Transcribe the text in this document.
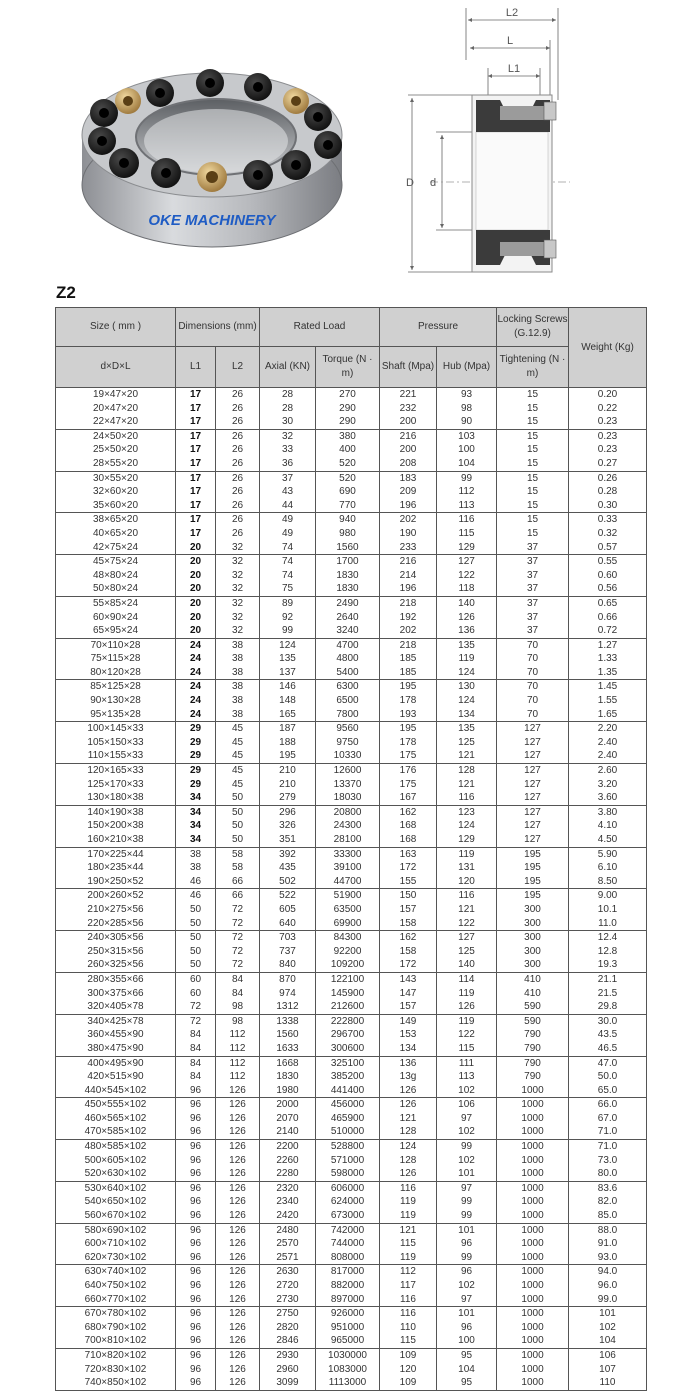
OKE MACHINERY
L2
L
L1
D d
Z2
Size ( mm )	Dimensions (mm)		Rated Load		Pressure		Locking Screws (G.12.9)	Weight (Kg)
d×D×L	L1	L2	Axial (KN)	Torque (N · m)	Shaft (Mpa)	Hub (Mpa)	Tightening (N · m)	
19×47×20	17	26	28	270	221	93	15	0.20
20×47×20	17	26	28	290	232	98	15	0.22
22×47×20	17	26	30	290	200	90	15	0.23
24×50×20	17	26	32	380	216	103	15	0.23
25×50×20	17	26	33	400	200	100	15	0.23
28×55×20	17	26	36	520	208	104	15	0.27
30×55×20	17	26	37	520	183	99	15	0.26
32×60×20	17	26	43	690	209	112	15	0.28
35×60×20	17	26	44	770	196	113	15	0.30
38×65×20	17	26	49	940	202	116	15	0.33
40×65×20	17	26	49	980	190	115	15	0.32
42×75×24	20	32	74	1560	233	129	37	0.57
45×75×24	20	32	74	1700	216	127	37	0.55
48×80×24	20	32	74	1830	214	122	37	0.60
50×80×24	20	32	75	1830	196	118	37	0.56
55×85×24	20	32	89	2490	218	140	37	0.65
60×90×24	20	32	92	2640	192	126	37	0.66
65×95×24	20	32	99	3240	202	136	37	0.72
70×110×28	24	38	124	4700	218	135	70	1.27
75×115×28	24	38	135	4800	185	119	70	1.33
80×120×28	24	38	137	5400	185	124	70	1.35
85×125×28	24	38	146	6300	195	130	70	1.45
90×130×28	24	38	148	6500	178	124	70	1.55
95×135×28	24	38	165	7800	193	134	70	1.65
100×145×33	29	45	187	9560	195	135	127	2.20
105×150×33	29	45	188	9750	178	125	127	2.40
110×155×33	29	45	195	10330	175	121	127	2.40
120×165×33	29	45	210	12600	176	128	127	2.60
125×170×33	29	45	210	13370	175	121	127	3.20
130×180×38	34	50	279	18030	167	116	127	3.60
140×190×38	34	50	296	20800	162	123	127	3.80
150×200×38	34	50	326	24300	168	124	127	4.10
160×210×38	34	50	351	28100	168	129	127	4.50
170×225×44	38	58	392	33300	163	119	195	5.90
180×235×44	38	58	435	39100	172	131	195	6.10
190×250×52	46	66	502	44700	155	120	195	8.50
200×260×52	46	66	522	51900	150	116	195	9.00
210×275×56	50	72	605	63500	157	121	300	10.1
220×285×56	50	72	640	69900	158	122	300	11.0
240×305×56	50	72	703	84300	162	127	300	12.4
250×315×56	50	72	737	92200	158	125	300	12.8
260×325×56	50	72	840	109200	172	140	300	19.3
280×355×66	60	84	870	122100	143	114	410	21.1
300×375×66	60	84	974	145900	147	119	410	21.5
320×405×78	72	98	1312	212600	157	126	590	29.8
340×425×78	72	98	1338	222800	149	119	590	30.0
360×455×90	84	112	1560	296700	153	122	790	43.5
380×475×90	84	112	1633	300600	134	115	790	46.5
400×495×90	84	112	1668	325100	136	111	790	47.0
420×515×90	84	112	1830	385200	13g	113	790	50.0
440×545×102	96	126	1980	441400	126	102	1000	65.0
450×555×102	96	126	2000	456000	126	106	1000	66.0
460×565×102	96	126	2070	465900	121	97	1000	67.0
470×585×102	96	126	2140	510000	128	102	1000	71.0
480×585×102	96	126	2200	528800	124	99	1000	71.0
500×605×102	96	126	2260	571000	128	102	1000	73.0
520×630×102	96	126	2280	598000	126	101	1000	80.0
530×640×102	96	126	2320	606000	116	97	1000	83.6
540×650×102	96	126	2340	624000	119	99	1000	82.0
560×670×102	96	126	2420	673000	119	99	1000	85.0
580×690×102	96	126	2480	742000	121	101	1000	88.0
600×710×102	96	126	2570	744000	115	96	1000	91.0
620×730×102	96	126	2571	808000	119	99	1000	93.0
630×740×102	96	126	2630	817000	112	96	1000	94.0
640×750×102	96	126	2720	882000	117	102	1000	96.0
660×770×102	96	126	2730	897000	116	97	1000	99.0
670×780×102	96	126	2750	926000	116	101	1000	101
680×790×102	96	126	2820	951000	110	96	1000	102
700×810×102	96	126	2846	965000	115	100	1000	104
710×820×102	96	126	2930	1030000	109	95	1000	106
720×830×102	96	126	2960	1083000	120	104	1000	107
740×850×102	96	126	3099	1113000	109	95	1000	110
